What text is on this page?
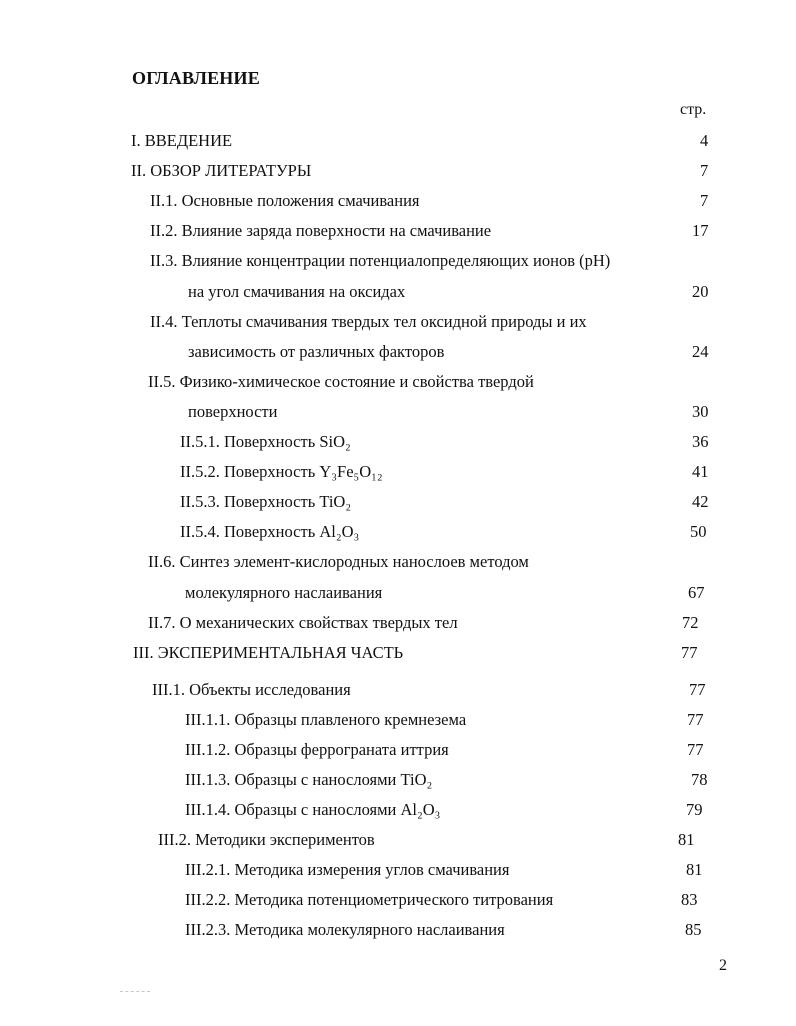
ОГЛАВЛЕНИЕ
стр.
I. ВВЕДЕНИЕ	4
II. ОБЗОР ЛИТЕРАТУРЫ	7
II.1. Основные положения смачивания	7
II.2. Влияние заряда поверхности на смачивание	17
II.3. Влияние концентрации потенциалопределяющих ионов (pH)
на угол смачивания на оксидах	20
II.4. Теплоты смачивания твердых тел оксидной природы и их
зависимость от различных факторов	24
II.5. Физико-химическое состояние и свойства твердой
поверхности	30
II.5.1. Поверхность SiO₂	36
II.5.2. Поверхность Y₃Fe₅O₁₂	41
II.5.3. Поверхность TiO₂	42
II.5.4. Поверхность Al₂O₃	50
II.6. Синтез элемент-кислородных нанослоев методом
молекулярного наслаивания	67
II.7. О механических свойствах твердых тел	72
III. ЭКСПЕРИМЕНТАЛЬНАЯ ЧАСТЬ	77
III.1. Объекты исследования	77
III.1.1. Образцы плавленого кремнезема	77
III.1.2. Образцы феррограната иттрия	77
III.1.3. Образцы с нанослоями TiO₂	78
III.1.4. Образцы с нанослоями Al₂O₃	79
III.2. Методики экспериментов	81
III.2.1. Методика измерения углов смачивания	81
III.2.2. Методика потенциометрического титрования	83
III.2.3. Методика молекулярного наслаивания	85
2
